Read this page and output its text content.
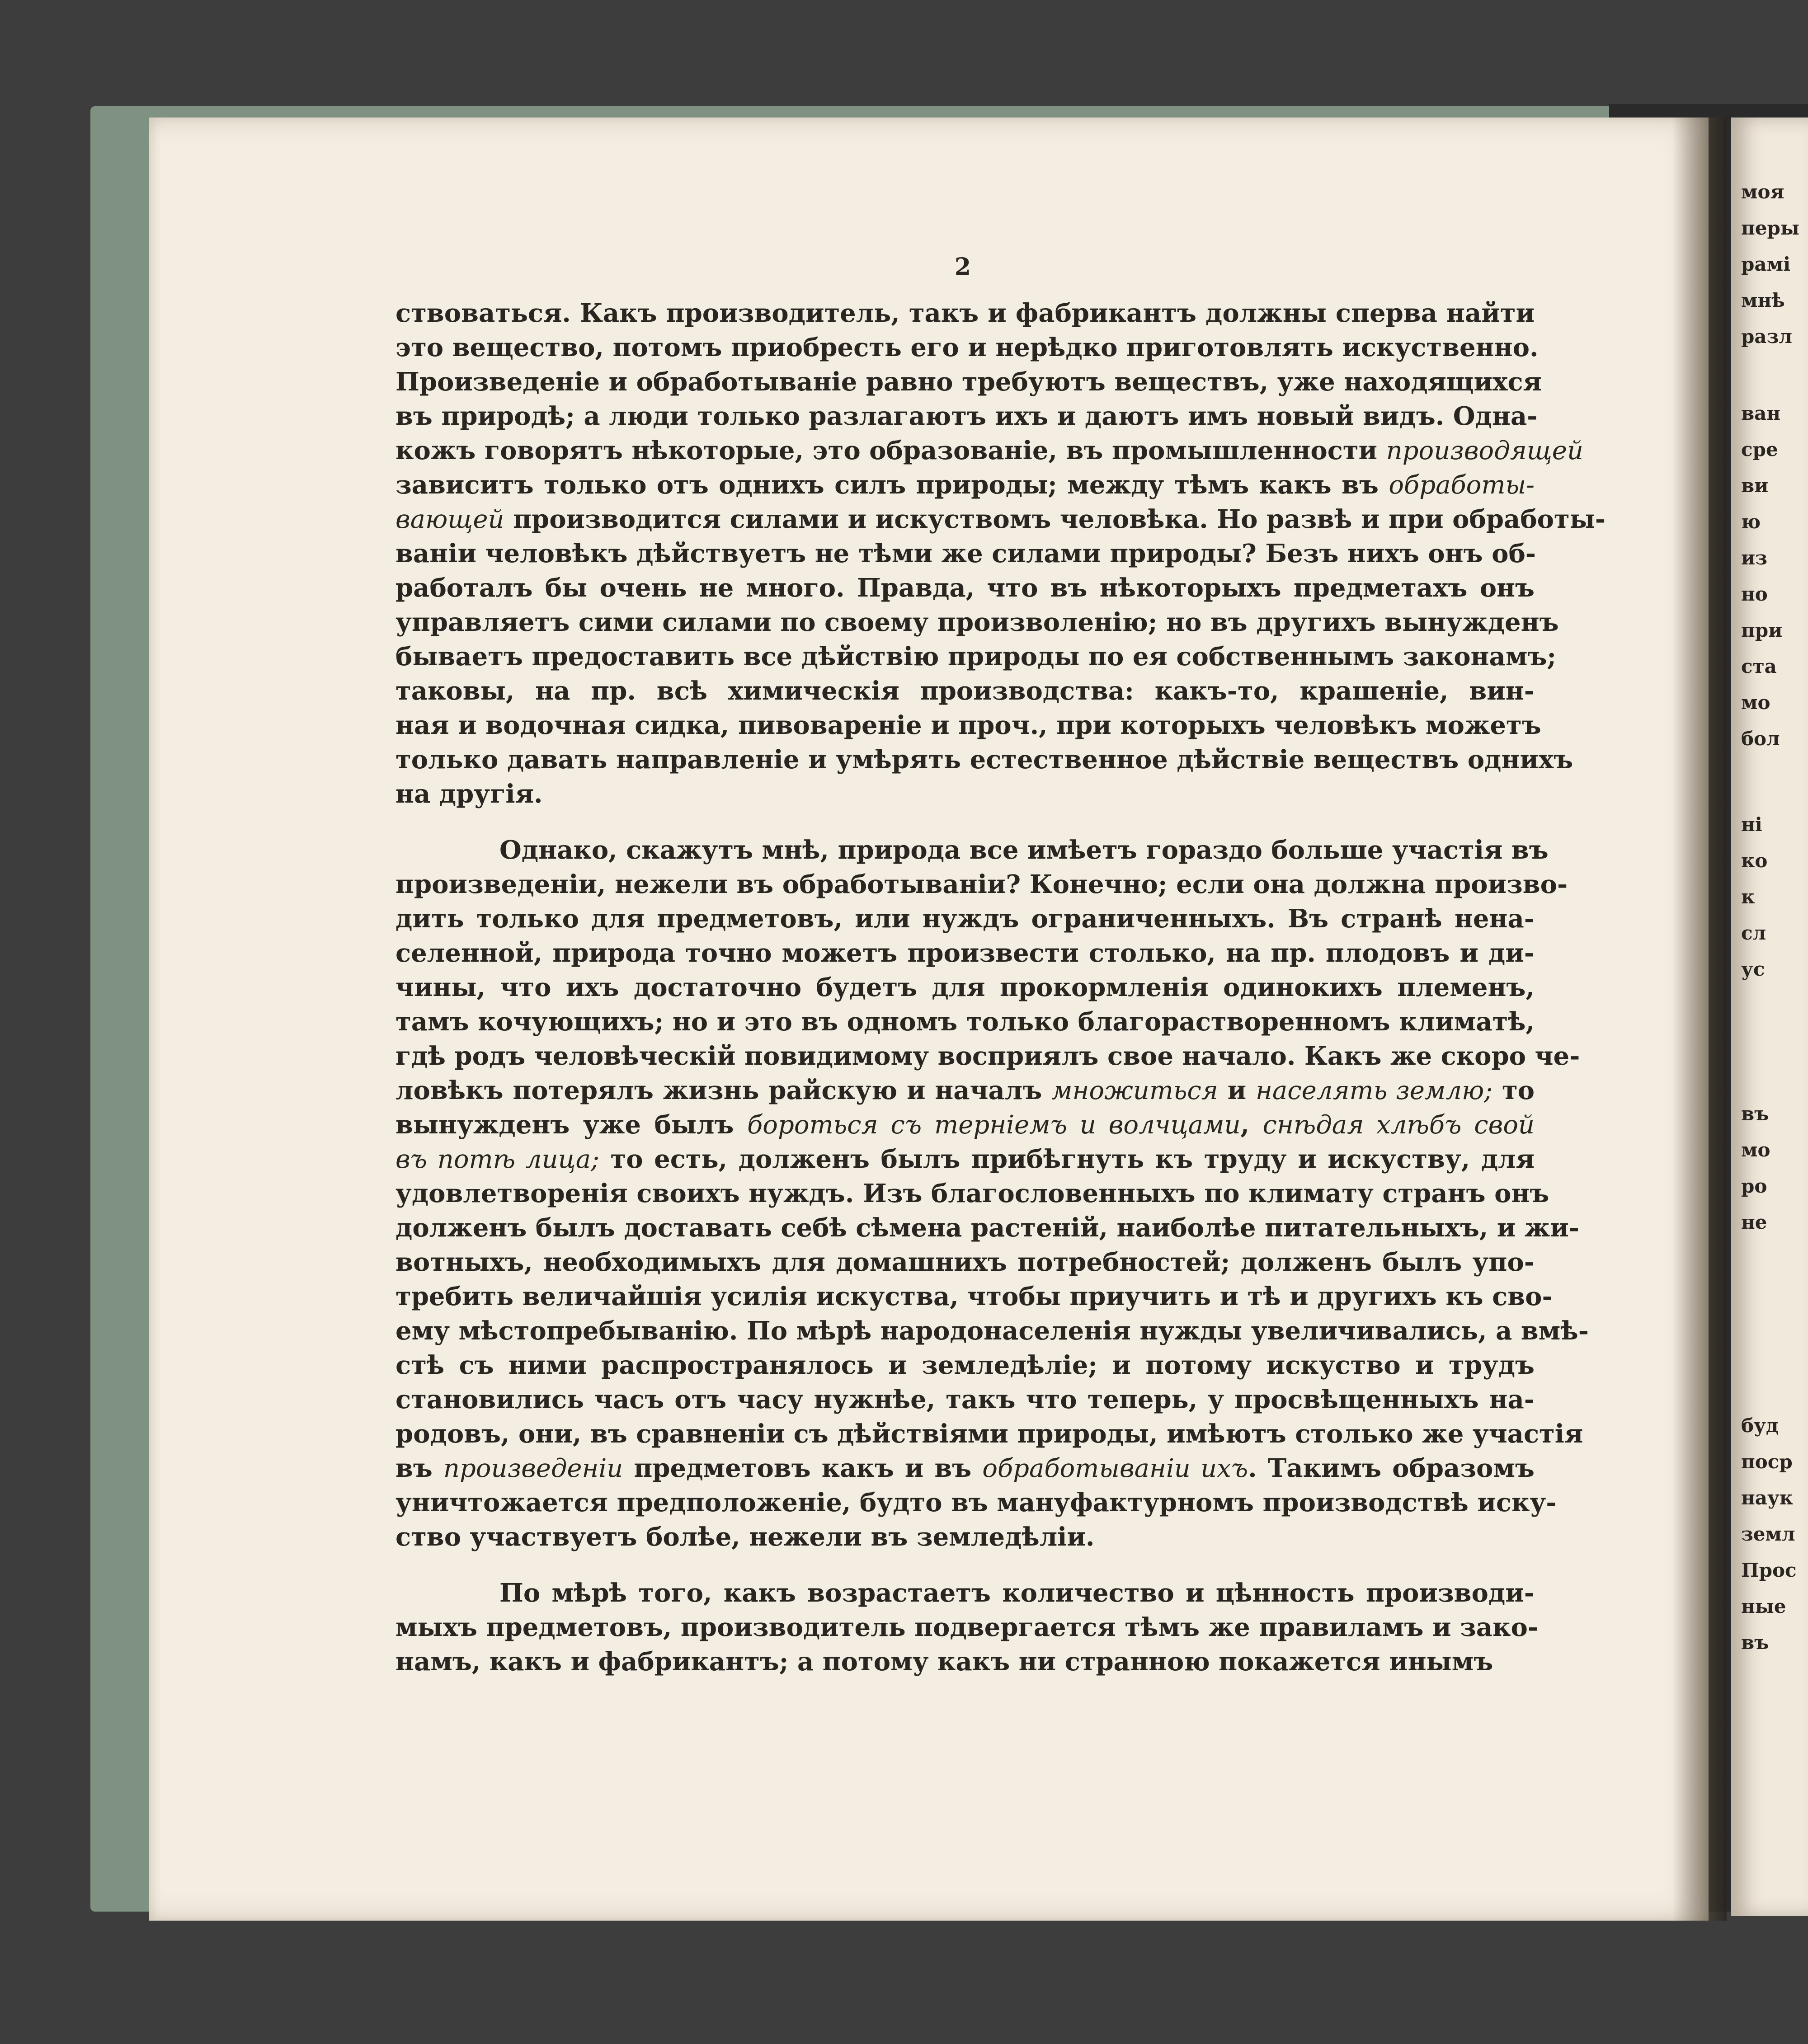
моя
перы
рамі
мнѣ
разл
ван
сре
ви
ю
из
но
при
ста
мо
бол
ні
ко
к
сл
ус
въ
мо
ро
не
буд
поср
наук
земл
Прос
ные
въ
2
ствоваться. Какъ производитель, такъ и фабрикантъ должны сперва найти
это вещество, потомъ приобресть его и нерѣдко приготовлять искуственно.
Произведеніе и обработываніе равно требуютъ веществъ, уже находящихся
въ природѣ; а люди только разлагаютъ ихъ и даютъ имъ новый видъ. Одна-
кожъ говорятъ нѣкоторые, это образованіе, въ промышленности производящей
зависитъ только отъ однихъ силъ природы; между тѣмъ какъ въ обработы-
вающей производится силами и искуствомъ человѣка. Но развѣ и при обработы-
ваніи человѣкъ дѣйствуетъ не тѣми же силами природы? Безъ нихъ онъ об-
работалъ бы очень не много. Правда, что въ нѣкоторыхъ предметахъ онъ
управляетъ сими силами по своему произволенію; но въ другихъ вынужденъ
бываетъ предоставить все дѣйствію природы по ея собственнымъ законамъ;
таковы, на пр. всѣ химическія производства: какъ-то, крашеніе, вин-
ная и водочная сидка, пивовареніе и проч., при которыхъ человѣкъ можетъ
только давать направленіе и умѣрять естественное дѣйствіе веществъ однихъ
на другія.
Однако, скажутъ мнѣ, природа все имѣетъ гораздо больше участія въ
произведеніи, нежели въ обработываніи? Конечно; если она должна произво-
дить только для предметовъ, или нуждъ ограниченныхъ. Въ странѣ нена-
селенной, природа точно можетъ произвести столько, на пр. плодовъ и ди-
чины, что ихъ достаточно будетъ для прокормленія одинокихъ племенъ,
тамъ кочующихъ; но и это въ одномъ только благорастворенномъ климатѣ,
гдѣ родъ человѣческій повидимому восприялъ свое начало. Какъ же скоро че-
ловѣкъ потерялъ жизнь райскую и началъ множиться и населять землю; то
вынужденъ уже былъ бороться съ терніемъ и волчцами, снѣдая хлѣбъ свой
въ потѣ лица; то есть, долженъ былъ прибѣгнуть къ труду и искуству, для
удовлетворенія своихъ нуждъ. Изъ благословенныхъ по климату странъ онъ
долженъ былъ доставать себѣ сѣмена растеній, наиболѣе питательныхъ, и жи-
вотныхъ, необходимыхъ для домашнихъ потребностей; долженъ былъ упо-
требить величайшія усилія искуства, чтобы приучить и тѣ и другихъ къ сво-
ему мѣстопребыванію. По мѣрѣ народонаселенія нужды увеличивались, а вмѣ-
стѣ съ ними распространялось и земледѣліе; и потому искуство и трудъ
становились часъ отъ часу нужнѣе, такъ что теперь, у просвѣщенныхъ на-
родовъ, они, въ сравненіи съ дѣйствіями природы, имѣютъ столько же участія
въ произведеніи предметовъ какъ и въ обработываніи ихъ. Такимъ образомъ
уничтожается предположеніе, будто въ мануфактурномъ производствѣ иску-
ство участвуетъ болѣе, нежели въ земледѣліи.
По мѣрѣ того, какъ возрастаетъ количество и цѣнность производи-
мыхъ предметовъ, производитель подвергается тѣмъ же правиламъ и зако-
намъ, какъ и фабрикантъ; а потому какъ ни странною покажется инымъ
